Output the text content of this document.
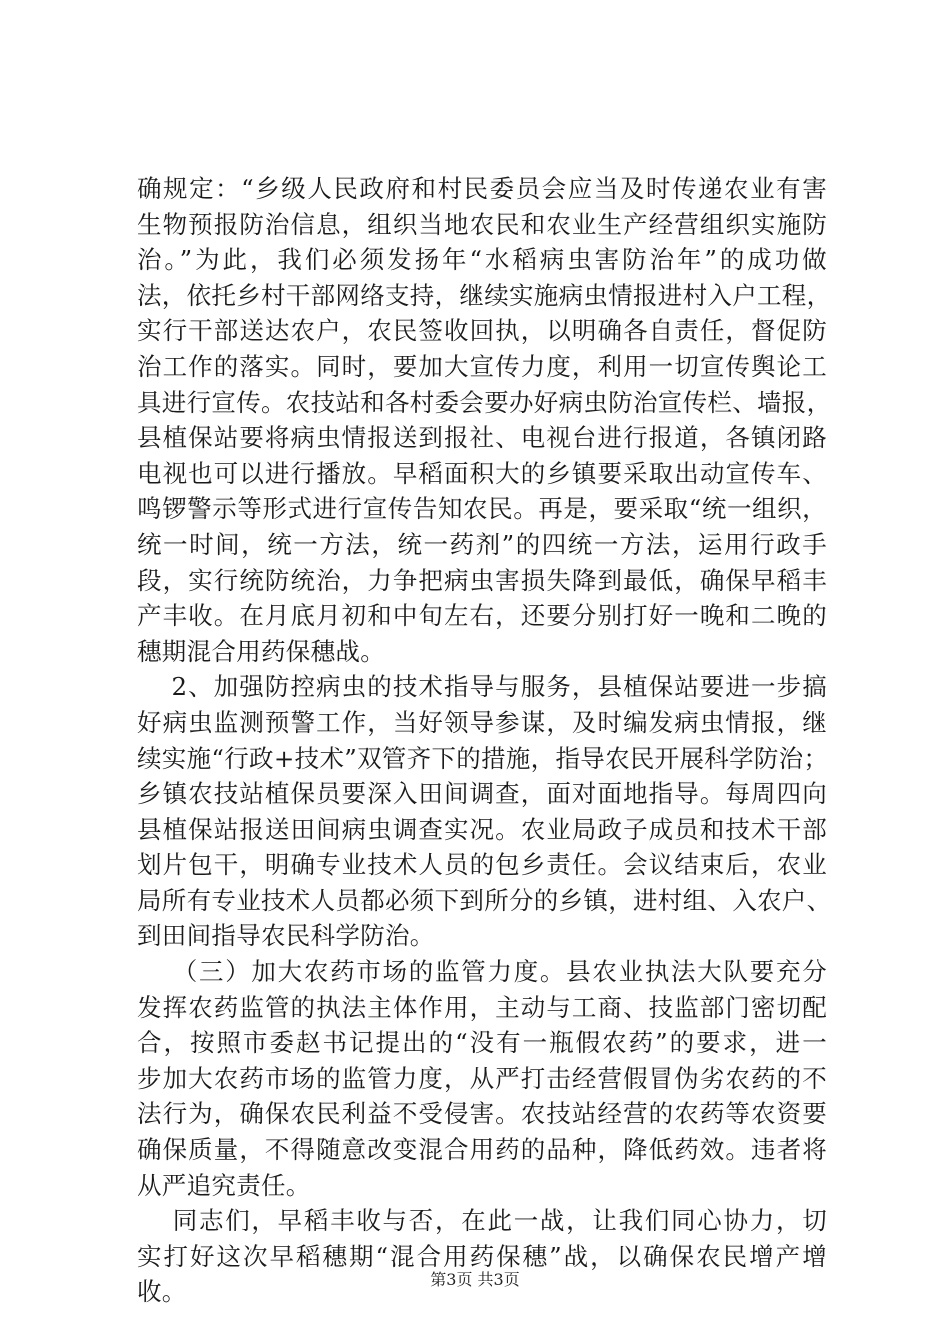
确规定：“乡级人民政府和村民委员会应当及时传递农业有害
生物预报防治信息，组织当地农民和农业生产经营组织实施防
治。”为此，我们必须发扬年“水稻病虫害防治年”的成功做
法，依托乡村干部网络支持，继续实施病虫情报进村入户工程，
实行干部送达农户，农民签收回执，以明确各自责任，督促防
治工作的落实。同时，要加大宣传力度，利用一切宣传舆论工
具进行宣传。农技站和各村委会要办好病虫防治宣传栏、墙报，
县植保站要将病虫情报送到报社、电视台进行报道，各镇闭路
电视也可以进行播放。早稻面积大的乡镇要采取出动宣传车、
鸣锣警示等形式进行宣传告知农民。再是，要采取“统一组织，
统一时间，统一方法，统一药剂”的四统一方法，运用行政手
段，实行统防统治，力争把病虫害损失降到最低，确保早稻丰
产丰收。在月底月初和中旬左右，还要分别打好一晚和二晚的
穗期混合用药保穗战。
　 2、加强防控病虫的技术指导与服务，县植保站要进一步搞
好病虫监测预警工作，当好领导参谋，及时编发病虫情报，继
续实施“行政+技术”双管齐下的措施，指导农民开展科学防治；
乡镇农技站植保员要深入田间调查，面对面地指导。每周四向
县植保站报送田间病虫调查实况。农业局政子成员和技术干部
划片包干，明确专业技术人员的包乡责任。会议结束后，农业
局所有专业技术人员都必须下到所分的乡镇，进村组、入农户、
到田间指导农民科学防治。
　 （三）加大农药市场的监管力度。县农业执法大队要充分
发挥农药监管的执法主体作用，主动与工商、技监部门密切配
合，按照市委赵书记提出的“没有一瓶假农药”的要求，进一
步加大农药市场的监管力度，从严打击经营假冒伪劣农药的不
法行为，确保农民利益不受侵害。农技站经营的农药等农资要
确保质量，不得随意改变混合用药的品种，降低药效。违者将
从严追究责任。
　 同志们，早稻丰收与否，在此一战，让我们同心协力，切
实打好这次早稻穗期“混合用药保穗”战，以确保农民增产增
收。	第3页 共3页
